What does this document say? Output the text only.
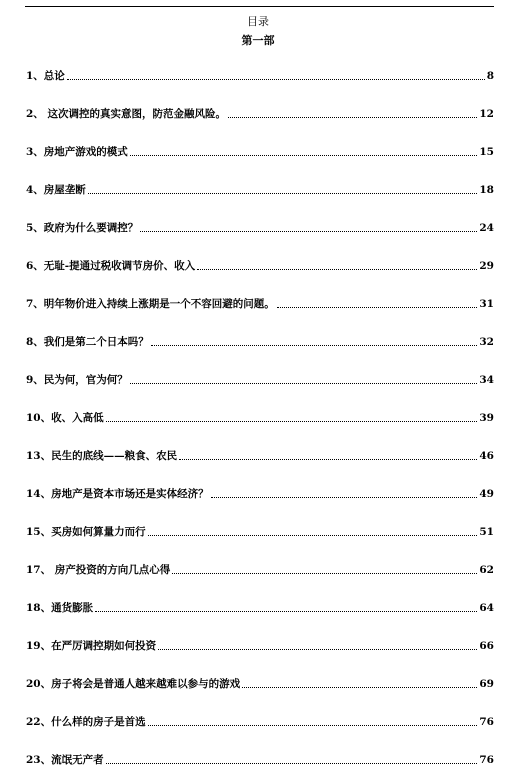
目录
第一部
1、总论	8
2、 这次调控的真实意图，防范金融风险。	12
3、房地产游戏的模式	15
4、房屋垄断	18
5、政府为什么要调控？	24
6、无耻-提通过税收调节房价、收入	29
7、明年物价进入持续上涨期是一个不容回避的问题。	31
8、我们是第二个日本吗？	32
9、民为何，官为何？	34
10、收、入高低	39
13、民生的底线——粮食、农民	46
14、房地产是资本市场还是实体经济？	49
15、买房如何算量力而行	51
17、 房产投资的方向几点心得	62
18、通货膨胀	64
19、在严厉调控期如何投资	66
20、房子将会是普通人越来越难以参与的游戏	69
22、什么样的房子是首选	76
23、流氓无产者	76
